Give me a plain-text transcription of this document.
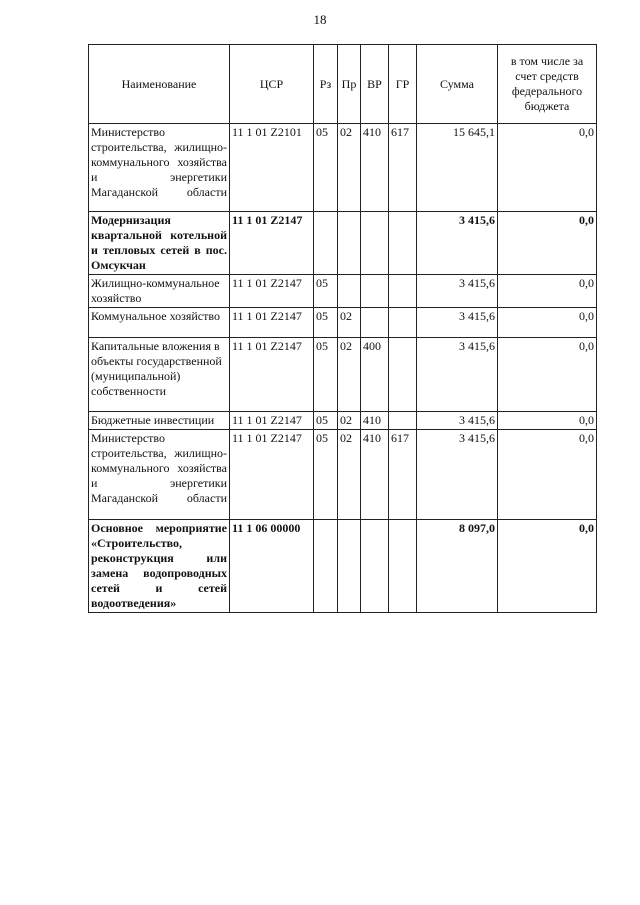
18
Наименование	ЦСР	Рз	Пр	ВР	ГР	Сумма	в том числе за счет средств федерального бюджета
Министерство строительства, жилищно-коммунального хозяйства и энергетики Магаданской области	11 1 01 Z2101	05	02	410	617	15 645,1	0,0
Модернизация квартальной котельной и тепловых сетей в пос. Омсукчан	11 1 01 Z2147					3 415,6	0,0
Жилищно-коммунальное хозяйство	11 1 01 Z2147	05				3 415,6	0,0
Коммунальное хозяйство	11 1 01 Z2147	05	02			3 415,6	0,0
Капитальные вложения в объекты государственной (муниципальной) собственности	11 1 01 Z2147	05	02	400		3 415,6	0,0
Бюджетные инвестиции	11 1 01 Z2147	05	02	410		3 415,6	0,0
Министерство строительства, жилищно-коммунального хозяйства и энергетики Магаданской области	11 1 01 Z2147	05	02	410	617	3 415,6	0,0
Основное мероприятие «Строительство, реконструкция или замена водопроводных сетей и сетей водоотведения»	11 1 06 00000					8 097,0	0,0
